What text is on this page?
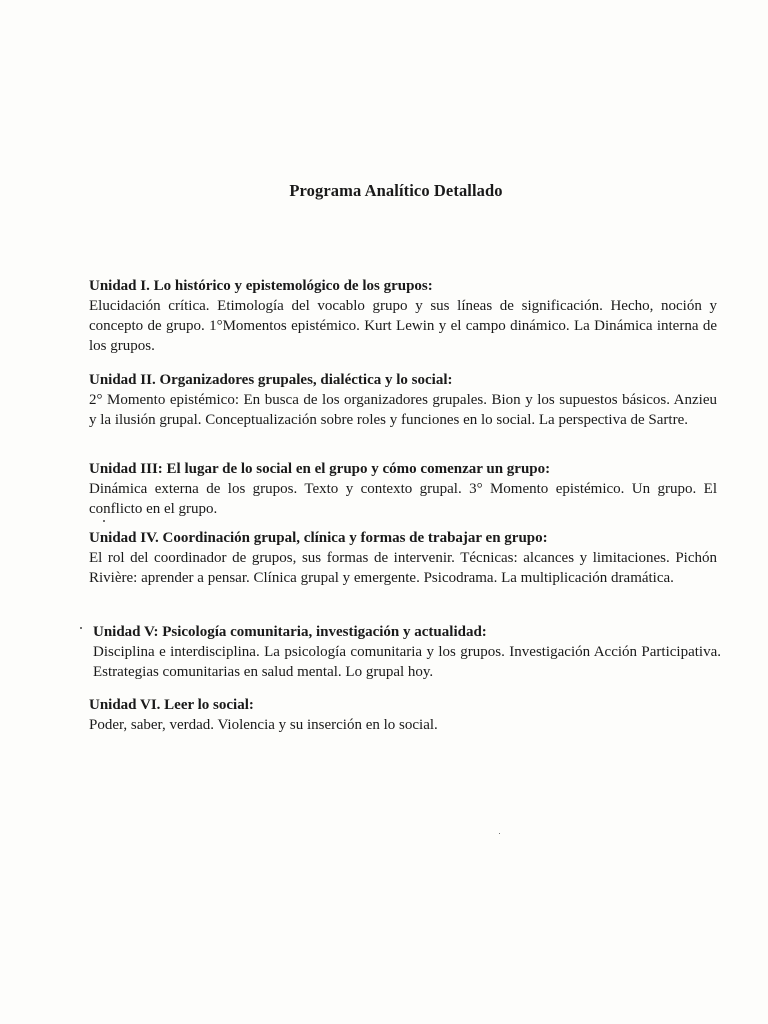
Programa Analítico Detallado

Unidad I. Lo histórico y epistemológico de los grupos:

Elucidación crítica. Etimología del vocablo grupo y sus líneas de significación. Hecho, noción y concepto de grupo. 1°Momentos epistémico. Kurt Lewin y el campo dinámico. La Dinámica interna de los grupos.

Unidad II. Organizadores grupales, dialéctica y lo social:

2° Momento epistémico: En busca de los organizadores grupales. Bion y los supuestos básicos. Anzieu y la ilusión grupal. Conceptualización sobre roles y funciones en lo social. La perspectiva de Sartre.

Unidad III: El lugar de lo social en el grupo y cómo comenzar un grupo:

Dinámica externa de los grupos. Texto y contexto grupal. 3° Momento epistémico. Un grupo. El conflicto en el grupo.

Unidad IV. Coordinación grupal, clínica y formas de trabajar en grupo:

El rol del coordinador de grupos, sus formas de intervenir. Técnicas: alcances y limitaciones. Pichón Rivière: aprender a pensar. Clínica grupal y emergente. Psicodrama. La multiplicación dramática.

Unidad V: Psicología comunitaria, investigación y actualidad:

Disciplina e interdisciplina. La psicología comunitaria y los grupos. Investigación Acción Participativa. Estrategias comunitarias en salud mental. Lo grupal hoy.

Unidad VI. Leer lo social:

Poder, saber, verdad. Violencia y su inserción en lo social.
